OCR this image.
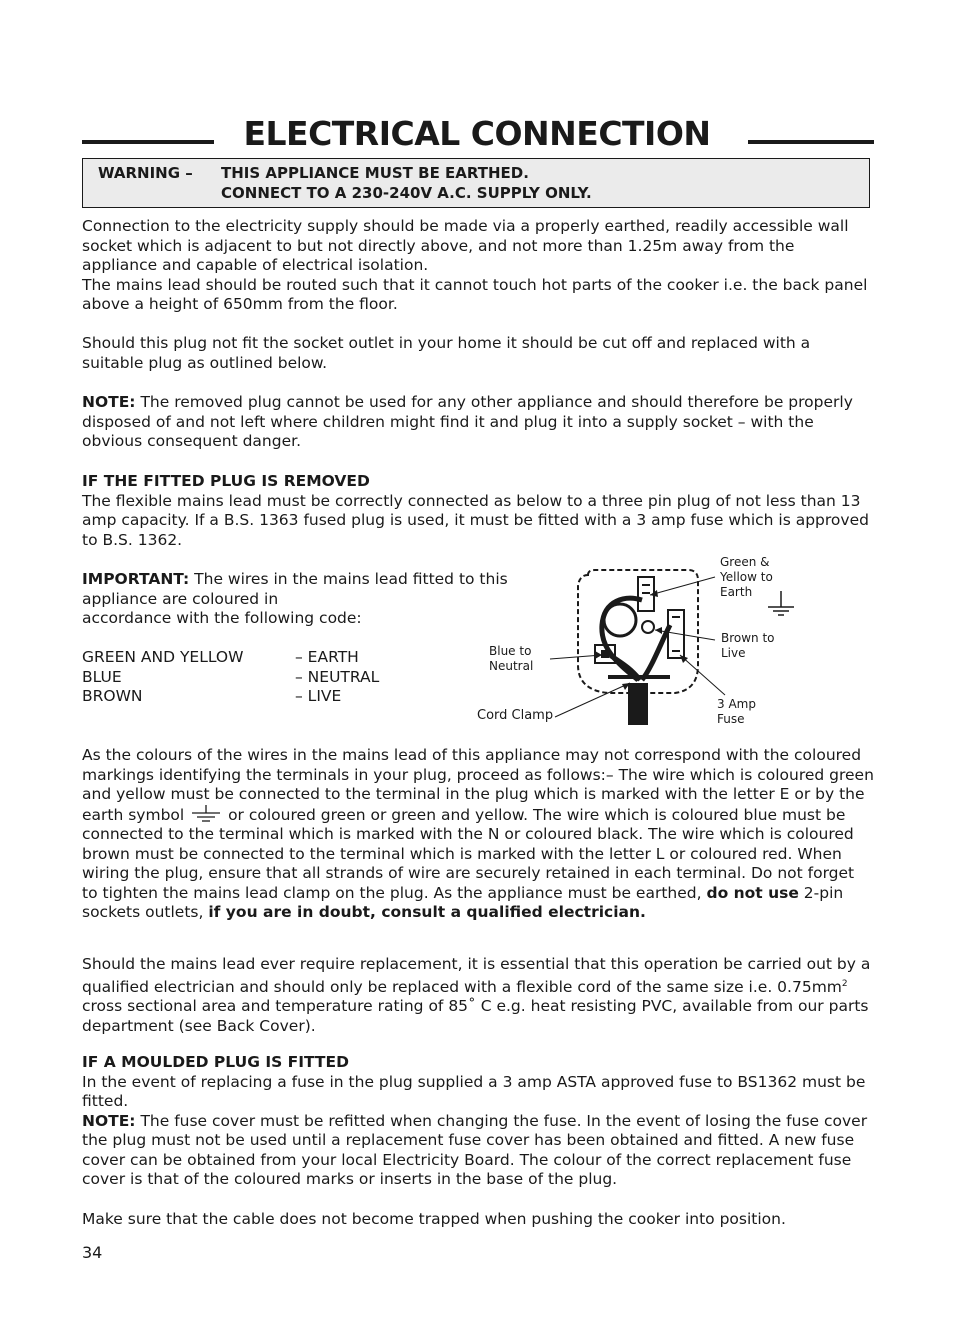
ELECTRICAL CONNECTION
WARNING – THIS APPLIANCE MUST BE EARTHED.
CONNECT TO A 230-240V A.C. SUPPLY ONLY.
Connection to the electricity supply should be made via a properly earthed, readily accessible wall socket which is adjacent to but not directly above, and not more than 1.25m away from the appliance and capable of electrical isolation.
The mains lead should be routed such that it cannot touch hot parts of the cooker i.e. the back panel above a height of 650mm from the floor.
Should this plug not fit the socket outlet in your home it should be cut off and replaced with a suitable plug as outlined below.
NOTE: The removed plug cannot be used for any other appliance and should therefore be properly disposed of and not left where children might find it and plug it into a supply socket – with the obvious consequent danger.
IF THE FITTED PLUG IS REMOVED
The flexible mains lead must be correctly connected as below to a three pin plug of not less than 13 amp capacity. If a B.S. 1363 fused plug is used, it must be fitted with a 3 amp fuse which is approved to B.S. 1362.
IMPORTANT: The wires in the mains lead fitted to this
appliance are coloured in
accordance with the following code:
GREEN AND YELLOW	– EARTH
BLUE	– NEUTRAL
BROWN	– LIVE
Green &
Yellow to
Earth
Brown to
Live
Blue to
Neutral
3 Amp
Fuse
Cord Clamp
As the colours of the wires in the mains lead of this appliance may not correspond with the coloured markings identifying the terminals in your plug, proceed as follows:– The wire which is coloured green and yellow must be connected to the terminal in the plug which is marked with the letter E or by the earth symbol  or coloured green or green and yellow. The wire which is coloured blue must be connected to the terminal which is marked with the N or coloured black. The wire which is coloured brown must be connected to the terminal which is marked with the letter L or coloured red. When wiring the plug, ensure that all strands of wire are securely retained in each terminal. Do not forget to tighten the mains lead clamp on the plug. As the appliance must be earthed, do not use 2-pin sockets outlets, if you are in doubt, consult a qualified electrician.
Should the mains lead ever require replacement, it is essential that this operation be carried out by a qualified electrician and should only be replaced with a flexible cord of the same size i.e. $0.75mm^2$ cross sectional area and temperature rating of 85˚ C e.g. heat resisting PVC, available from our parts department (see Back Cover).
IF A MOULDED PLUG IS FITTED
In the event of replacing a fuse in the plug supplied a 3 amp ASTA approved fuse to BS1362 must be fitted.
NOTE: The fuse cover must be refitted when changing the fuse. In the event of losing the fuse cover the plug must not be used until a replacement fuse cover has been obtained and fitted. A new fuse cover can be obtained from your local Electricity Board. The colour of the correct replacement fuse cover is that of the coloured marks or inserts in the base of the plug.
Make sure that the cable does not become trapped when pushing the cooker into position.
34
